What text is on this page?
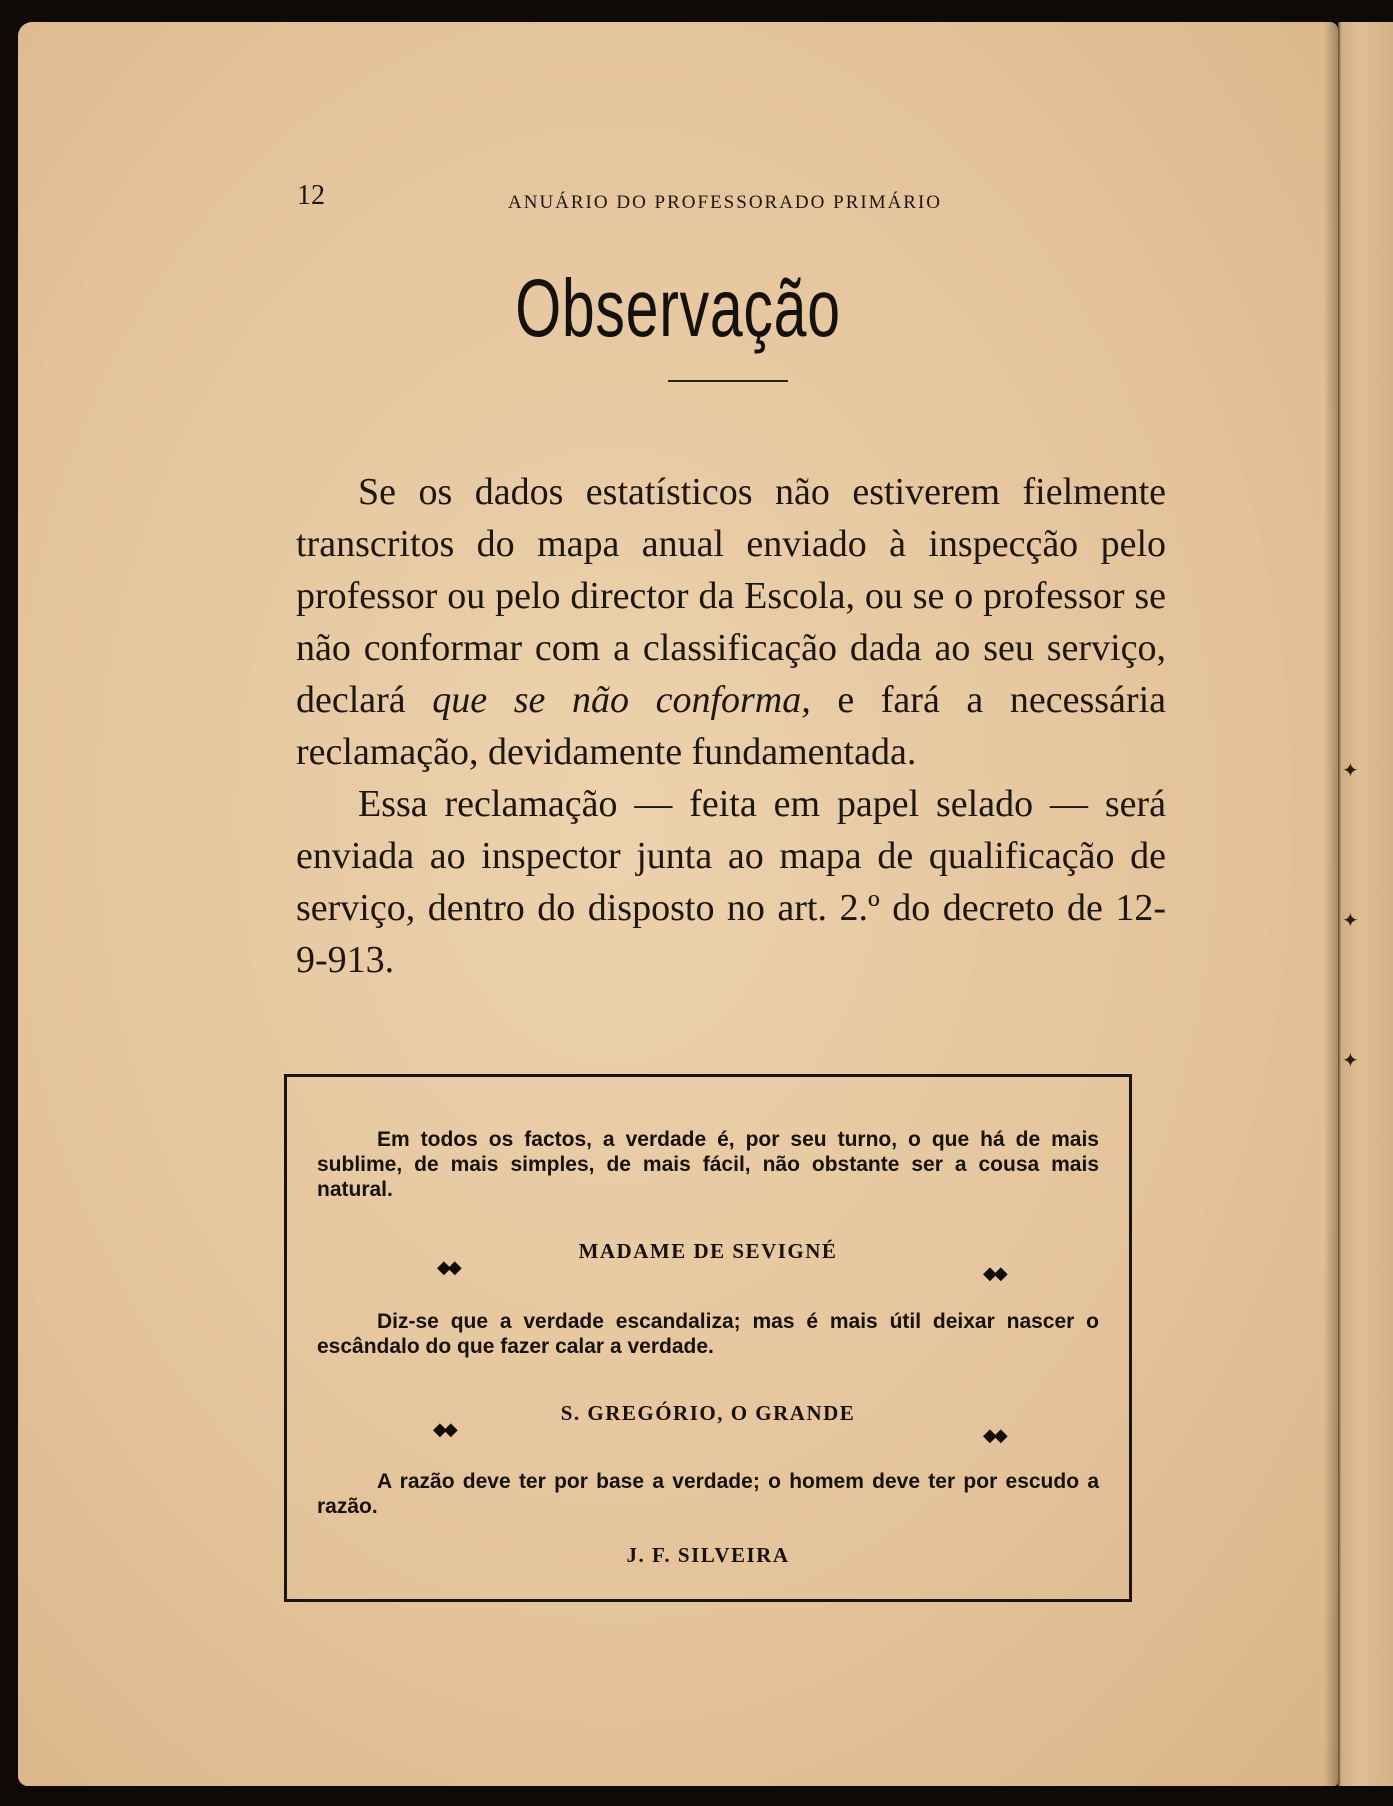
12	ANUÁRIO DO PROFESSORADO PRIMÁRIO
Observação

Se os dados estatísticos não estiverem fielmente transcritos do mapa anual enviado à inspecção pelo professor ou pelo director da Escola, ou se o professor se não conformar com a classificação dada ao seu serviço, declará que se não conforma, e fará a necessária reclamação, devidamente fundamentada.

Essa reclamação — feita em papel selado — será enviada ao inspector junta ao mapa de qualificação de serviço, dentro do disposto no art. 2.º do decreto de 12-9-913.

Em todos os factos, a verdade é, por seu turno, o que há de mais sublime, de mais simples, de mais fácil, não obstante ser a cousa mais natural.
MADAME DE SEVIGNÉ
◆◆	◆◆
Diz-se que a verdade escandaliza; mas é mais útil deixar nascer o escândalo do que fazer calar a verdade.
S. GREGÓRIO, O GRANDE
◆◆	◆◆
A razão deve ter por base a verdade; o homem deve ter por escudo a razão.
J. F. SILVEIRA
✦
✦
✦
